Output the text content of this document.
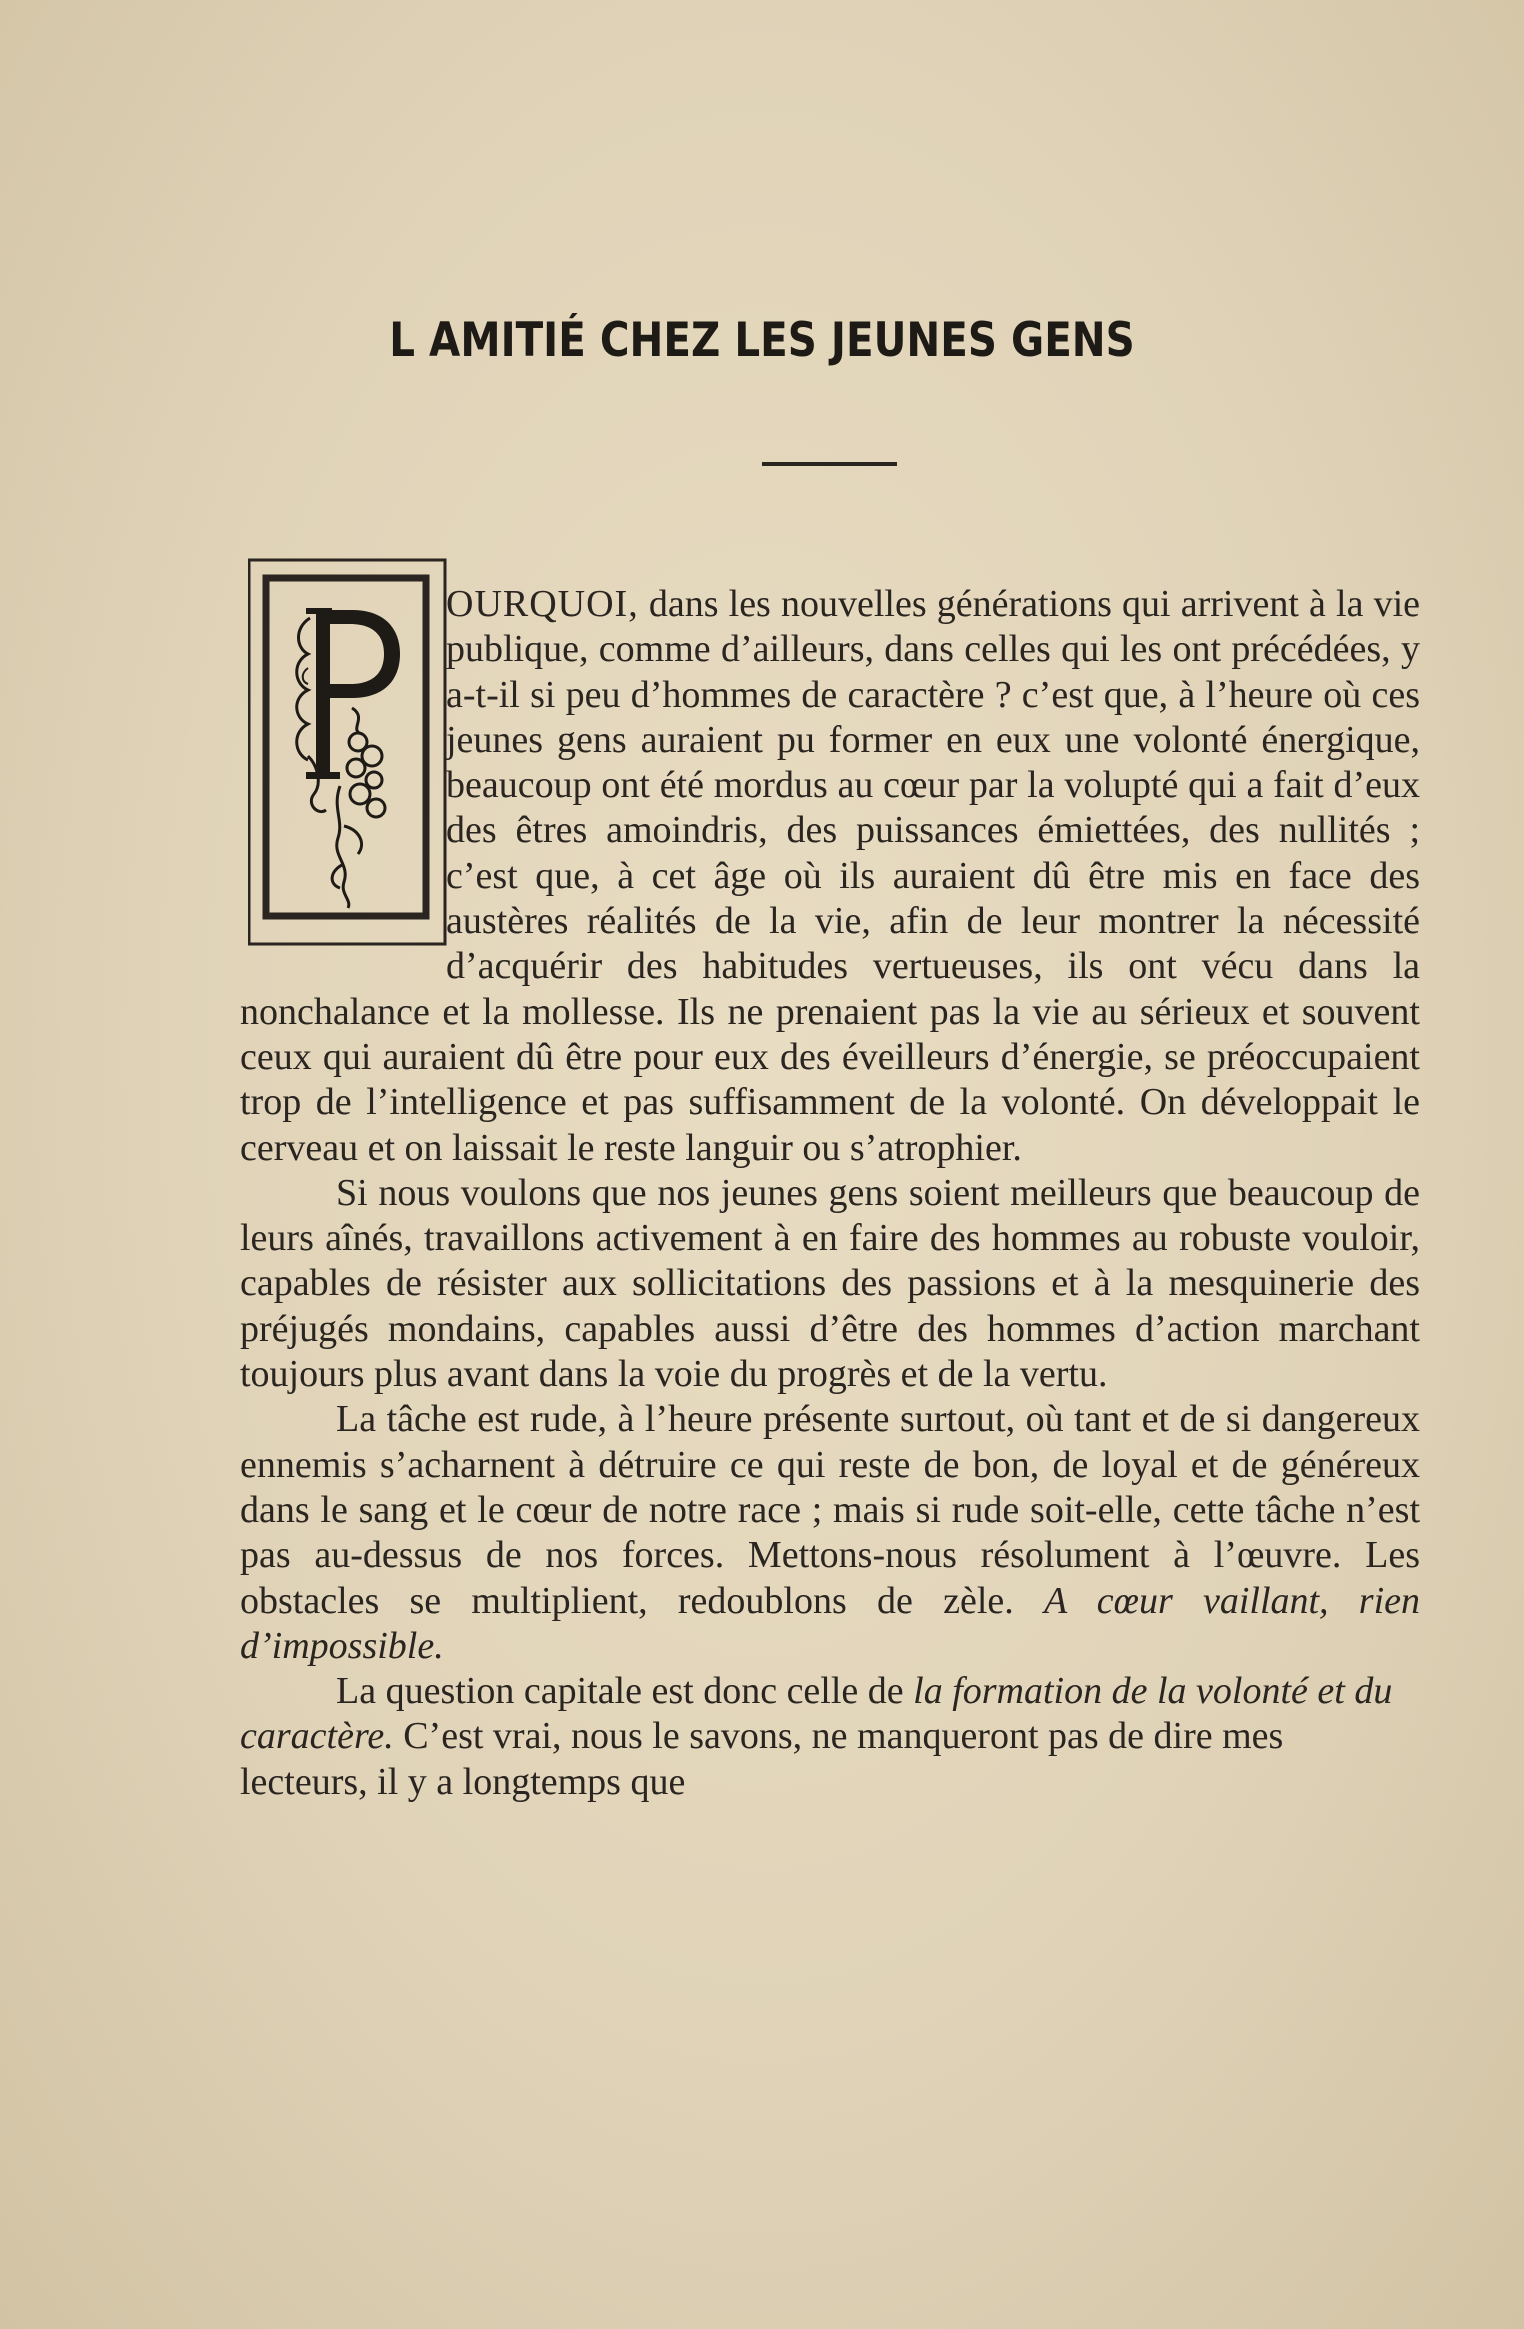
L AMITIÉ CHEZ LES JEUNES GENS

OURQUOI, dans les nouvelles générations qui arrivent à la vie publique, comme d’ailleurs, dans celles qui les ont précédées, y a-t-il si peu d’hommes de caractère ? c’est que, à l’heure où ces jeunes gens auraient pu former en eux une volonté énergique, beaucoup ont été mordus au cœur par la volupté qui a fait d’eux des êtres amoindris, des puissances émiettées, des nullités ; c’est que, à cet âge où ils auraient dû être mis en face des austères réalités de la vie, afin de leur montrer la nécessité d’acquérir des habitudes vertueuses, ils ont vécu dans la nonchalance et la mollesse. Ils ne prenaient pas la vie au sérieux et souvent ceux qui auraient dû être pour eux des éveilleurs d’énergie, se préoccupaient trop de l’intelligence et pas suffisamment de la volonté. On développait le cerveau et on laissait le reste languir ou s’atrophier.

Si nous voulons que nos jeunes gens soient meilleurs que beaucoup de leurs aînés, travaillons activement à en faire des hommes au robuste vouloir, capables de résister aux sollicitations des passions et à la mesquinerie des préjugés mondains, capables aussi d’être des hommes d’action marchant toujours plus avant dans la voie du progrès et de la vertu.

La tâche est rude, à l’heure présente surtout, où tant et de si dangereux ennemis s’acharnent à détruire ce qui reste de bon, de loyal et de généreux dans le sang et le cœur de notre race ; mais si rude soit-elle, cette tâche n’est pas au-dessus de nos forces. Mettons-nous résolument à l’œuvre. Les obstacles se multiplient, redoublons de zèle. A cœur vaillant, rien d’impossible.

La question capitale est donc celle de la formation de la volonté et du caractère. C’est vrai, nous le savons, ne manqueront pas de dire mes lecteurs, il y a longtemps que
